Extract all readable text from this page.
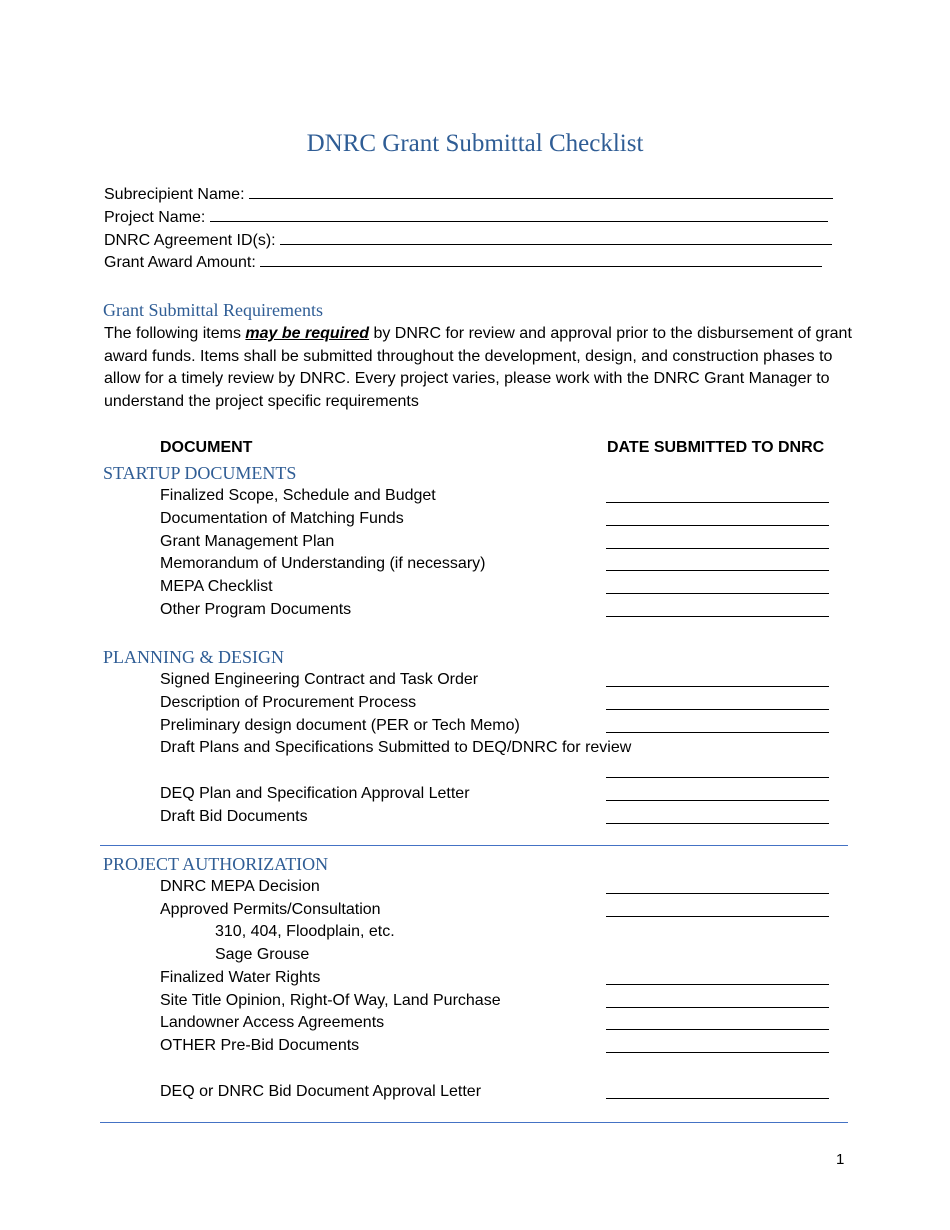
DNRC Grant Submittal Checklist
Subrecipient Name:
Project Name:
DNRC Agreement ID(s):
Grant Award Amount:
Grant Submittal Requirements
The following items may be required by DNRC for review and approval prior to the disbursement of grant award funds. Items shall be submitted throughout the development, design, and construction phases to allow for a timely review by DNRC. Every project varies, please work with the DNRC Grant Manager to understand the project specific requirements
DOCUMENT	DATE SUBMITTED TO DNRC
STARTUP DOCUMENTS
Finalized Scope, Schedule and Budget
Documentation of Matching Funds
Grant Management Plan
Memorandum of Understanding (if necessary)
MEPA Checklist
Other Program Documents
PLANNING & DESIGN
Signed Engineering Contract and Task Order
Description of Procurement Process
Preliminary design document (PER or Tech Memo)
Draft Plans and Specifications Submitted to DEQ/DNRC for review
DEQ Plan and Specification Approval Letter
Draft Bid Documents
PROJECT AUTHORIZATION
DNRC MEPA Decision
Approved Permits/Consultation
310, 404, Floodplain, etc.
Sage Grouse
Finalized Water Rights
Site Title Opinion, Right-Of Way, Land Purchase
Landowner Access Agreements
OTHER Pre-Bid Documents
DEQ or DNRC Bid Document Approval Letter
1
